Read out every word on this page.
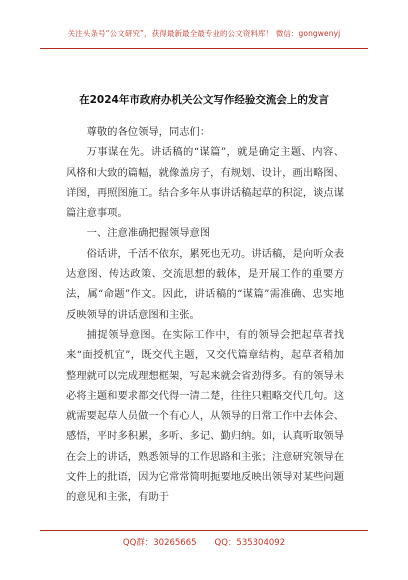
关注头条号“公文研究”，获得最新最全最专业的公文资料库！ 微信：gongwenyj
在2024年市政府办机关公文写作经验交流会上的发言

尊敬的各位领导，同志们：

万事谋在先。讲话稿的“谋篇”，就是确定主题、内容、风格和大致的篇幅，就像盖房子，有规划、设计，画出略图、详图，再照图施工。结合多年从事讲话稿起草的积淀，谈点谋篇注意事项。

一、注意准确把握领导意图

俗话讲，千活不依东，累死也无功。讲话稿，是向听众表达意图、传达政策、交流思想的载体，是开展工作的重要方法，属“命题”作文。因此，讲话稿的“谋篇”需准确、忠实地反映领导的讲话意图和主张。

捕捉领导意图。在实际工作中，有的领导会把起草者找来“面授机宜”，既交代主题，又交代篇章结构，起草者稍加整理就可以完成理想框架，写起来就会省劲得多。有的领导未必将主题和要求都交代得一清二楚，往往只粗略交代几句。这就需要起草人员做一个有心人，从领导的日常工作中去体会、感悟，平时多积累，多听、多记、勤归纳。如，认真听取领导在会上的讲话，熟悉领导的工作思路和主张；注意研究领导在文件上的批语，因为它常常简明扼要地反映出领导对某些问题的意见和主张，有助于

QQ群：30265665 QQ：535304092
